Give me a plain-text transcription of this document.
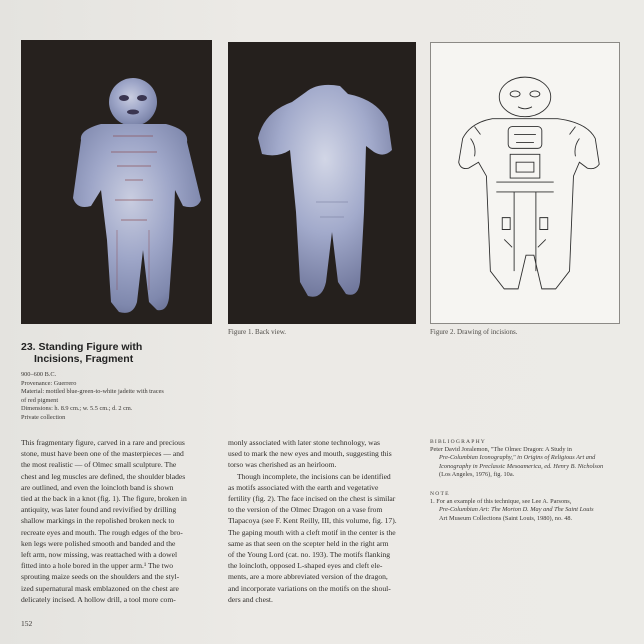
Figure 1. Back view.	Figure 2. Drawing of incisions.
23. Standing Figure with
Incisions, Fragment
900–600 B.C.
Provenance: Guerrero
Material: mottled blue-green-to-white jadeite with traces
of red pigment
Dimensions: h. 8.9 cm.; w. 5.5 cm.; d. 2 cm.
Private collection
This fragmentary figure, carved in a rare and precious
stone, must have been one of the masterpieces — and
the most realistic — of Olmec small sculpture. The
chest and leg muscles are defined, the shoulder blades
are outlined, and even the loincloth band is shown
tied at the back in a knot (fig. 1). The figure, broken in
antiquity, was later found and revivified by drilling
shallow markings in the repolished broken neck to
recreate eyes and mouth. The rough edges of the bro-
ken legs were polished smooth and banded and the
left arm, now missing, was reattached with a dowel
fitted into a hole bored in the upper arm.¹ The two
sprouting maize seeds on the shoulders and the styl-
ized supernatural mask emblazoned on the chest are
delicately incised. A hollow drill, a tool more com-
monly associated with later stone technology, was
used to mark the new eyes and mouth, suggesting this
torso was cherished as an heirloom.
Though incomplete, the incisions can be identified
as motifs associated with the earth and vegetative
fertility (fig. 2). The face incised on the chest is similar
to the version of the Olmec Dragon on a vase from
Tlapacoya (see F. Kent Reilly, III, this volume, fig. 17).
The gaping mouth with a cleft motif in the center is the
same as that seen on the scepter held in the right arm
of the Young Lord (cat. no. 193). The motifs flanking
the loincloth, opposed L-shaped eyes and cleft ele-
ments, are a more abbreviated version of the dragon,
and incorporate variations on the motifs on the shoul-
ders and chest.
BIBLIOGRAPHY
Peter David Joralemon, "The Olmec Dragon: A Study in
Pre-Columbian Iconography," in Origins of Religious Art and
Iconography in Preclassic Mesoamerica, ed. Henry B. Nicholson
(Los Angeles, 1976), fig. 10a.
NOTE
1. For an example of this technique, see Lee A. Parsons,
Pre-Columbian Art: The Morton D. May and The Saint Louis
Art Museum Collections (Saint Louis, 1980), no. 48.
152
